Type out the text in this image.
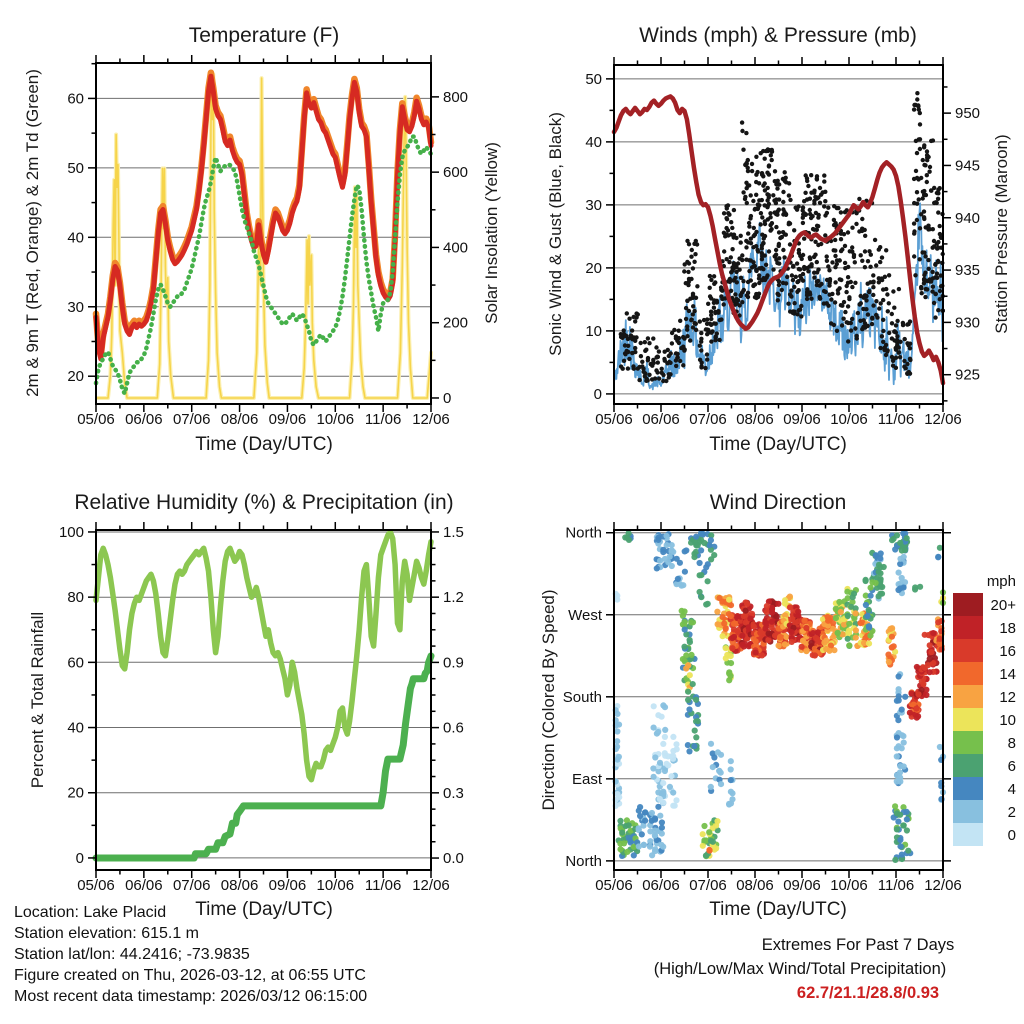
05/06 06/06 07/06 08/06 09/06 10/06 11/06 12/06
20
30
40
50
60
0
200
400
600
800
05/06 06/06 07/06 08/06 09/06 10/06 11/06 12/06
0
10
20
30
40
50
925
930
935
940
945
950
05/06 06/06 07/06 08/06 09/06 10/06 11/06 12/06
0
20
40
60
80
100
0.0
0.3
0.6
0.9
1.2
1.5
05/06 06/06 07/06 08/06 09/06 10/06 11/06 12/06
North
East
South
West
North
mph
20+
18
16
14
12
10
8
6
4
2
0
Temperature (F)	Winds (mph) & Pressure (mb)
Relative Humidity (%) & Precipitation (in)	Wind Direction
2m & 9m T (Red, Orange) & 2m Td (Green)	Solar Insolation (Yellow)	Sonic Wind & Gust (Blue, Black)	Station Pressure (Maroon)
Percent & Total Rainfall	Direction (Colored By Speed)
Time (Day/UTC)	Time (Day/UTC)
Time (Day/UTC)	Time (Day/UTC)
Location: Lake Placid
Station elevation: 615.1 m
Station lat/lon: 44.2416; -73.9835
Figure created on Thu, 2026-03-12, at 06:55 UTC
Most recent data timestamp: 2026/03/12 06:15:00
Extremes For Past 7 Days
(High/Low/Max Wind/Total Precipitation)
62.7/21.1/28.8/0.93
